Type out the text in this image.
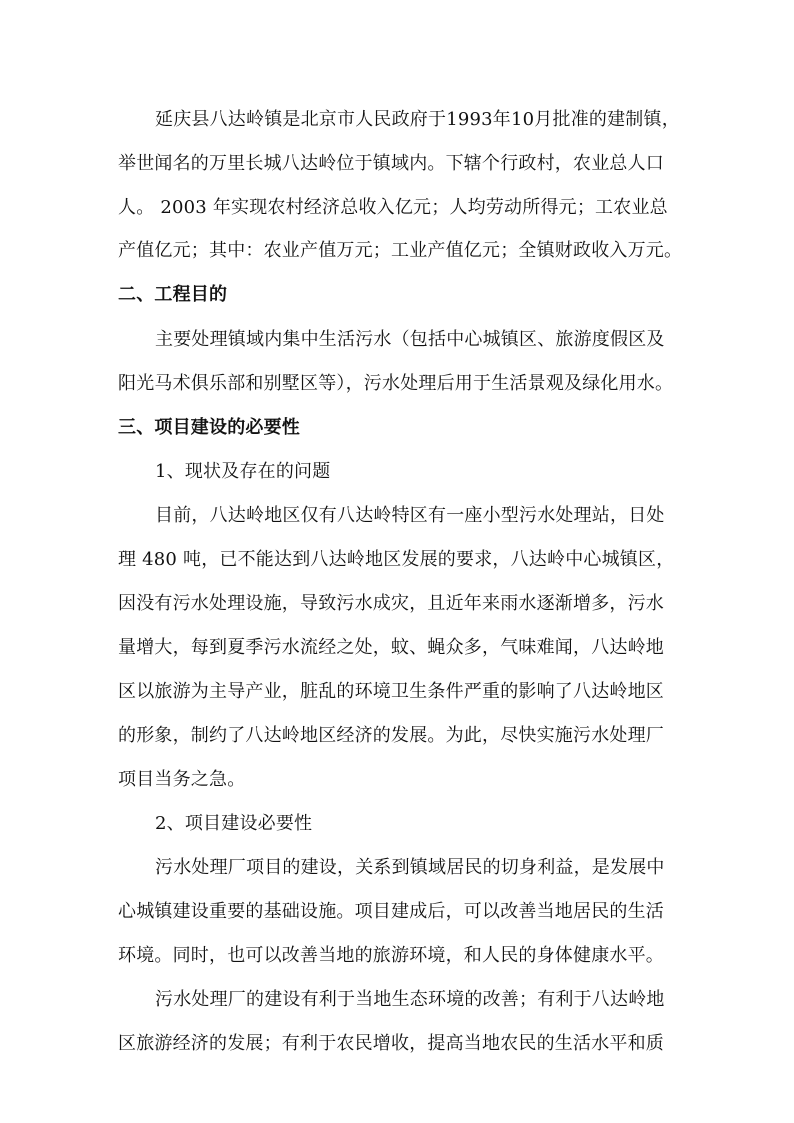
延庆县八达岭镇是北京市人民政府于1993年10月批准的建制镇，
举世闻名的万里长城八达岭位于镇域内。下辖个行政村，农业总人口
人。 2003 年实现农村经济总收入亿元；人均劳动所得元；工农业总
产值亿元；其中：农业产值万元；工业产值亿元；全镇财政收入万元。
二、工程目的
主要处理镇域内集中生活污水（包括中心城镇区、旅游度假区及
阳光马术俱乐部和别墅区等），污水处理后用于生活景观及绿化用水。
三、项目建设的必要性
1、现状及存在的问题
目前，八达岭地区仅有八达岭特区有一座小型污水处理站，日处
理 480 吨，已不能达到八达岭地区发展的要求，八达岭中心城镇区，
因没有污水处理设施，导致污水成灾，且近年来雨水逐渐增多，污水
量增大，每到夏季污水流经之处，蚊、蝇众多，气味难闻，八达岭地
区以旅游为主导产业，脏乱的环境卫生条件严重的影响了八达岭地区
的形象，制约了八达岭地区经济的发展。为此，尽快实施污水处理厂
项目当务之急。
2、项目建设必要性
污水处理厂项目的建设，关系到镇域居民的切身利益，是发展中
心城镇建设重要的基础设施。项目建成后，可以改善当地居民的生活
环境。同时，也可以改善当地的旅游环境，和人民的身体健康水平。
污水处理厂的建设有利于当地生态环境的改善；有利于八达岭地
区旅游经济的发展；有利于农民增收，提高当地农民的生活水平和质
